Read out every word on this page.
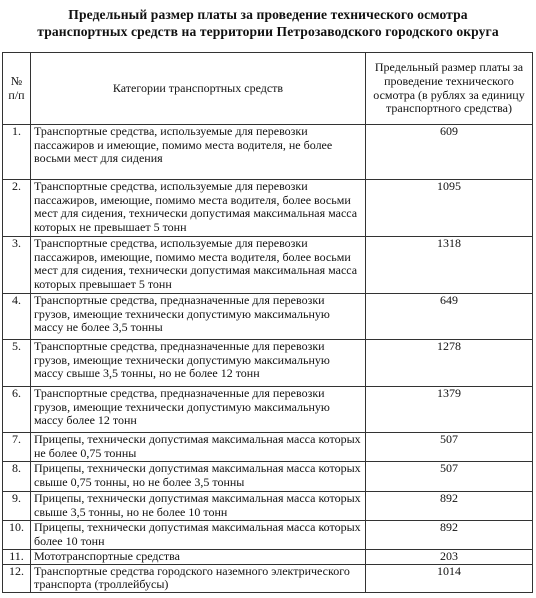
Предельный размер платы за проведение технического осмотра
транспортных средств на территории Петрозаводского городского округа
№ п/п	Категории транспортных средств	Предельный размер платы за проведение технического осмотра (в рублях за единицу транспортного средства)
1.	Транспортные средства, используемые для перевозки пассажиров и имеющие, помимо места водителя, не более восьми мест для сидения	609
2.	Транспортные средства, используемые для перевозки пассажиров, имеющие, помимо места водителя, более восьми мест для сидения, технически допустимая максимальная масса которых не превышает 5 тонн	1095
3.	Транспортные средства, используемые для перевозки пассажиров, имеющие, помимо места водителя, более восьми мест для сидения, технически допустимая максимальная масса которых превышает 5 тонн	1318
4.	Транспортные средства, предназначенные для перевозки грузов, имеющие технически допустимую максимальную массу не более 3,5 тонны	649
5.	Транспортные средства, предназначенные для перевозки грузов, имеющие технически допустимую максимальную массу свыше 3,5 тонны, но не более 12 тонн	1278
6.	Транспортные средства, предназначенные для перевозки грузов, имеющие технически допустимую максимальную массу более 12 тонн	1379
7.	Прицепы, технически допустимая максимальная масса которых не более 0,75 тонны	507
8.	Прицепы, технически допустимая максимальная масса которых свыше 0,75 тонны, но не более 3,5 тонны	507
9.	Прицепы, технически допустимая максимальная масса которых свыше 3,5 тонны, но не более 10 тонн	892
10.	Прицепы, технически допустимая максимальная масса которых более 10 тонн	892
11.	Мототранспортные средства	203
12.	Транспортные средства городского наземного электрического транспорта (троллейбусы)	1014
